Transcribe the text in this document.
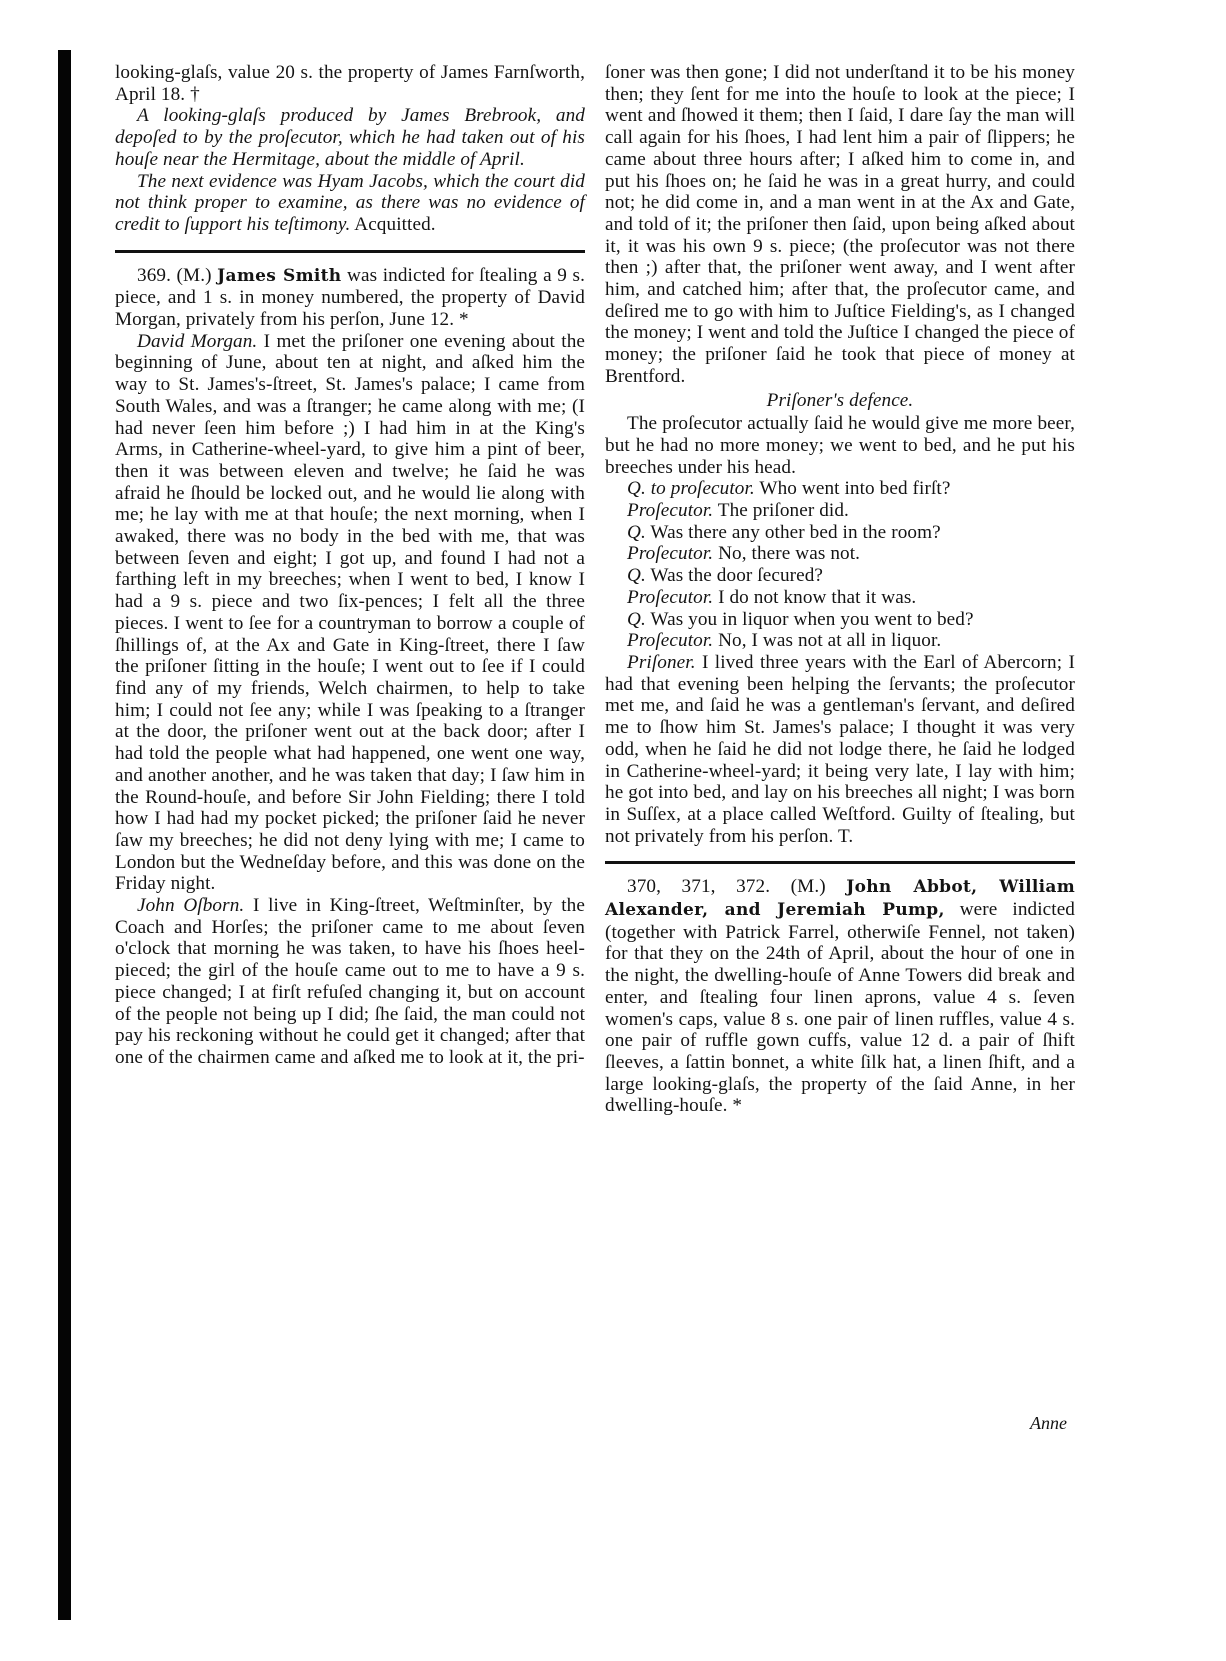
looking-glaſs, value 20 s. the property of James Farnſworth, April 18. †

A looking-glaſs produced by James Brebrook, and depoſed to by the proſecutor, which he had taken out of his houſe near the Hermitage, about the middle of April.

The next evidence was Hyam Jacobs, which the court did not think proper to examine, as there was no evidence of credit to ſupport his teſtimony. Acquitted.

369. (M.) James Smith was indicted for ſtealing a 9 s. piece, and 1 s. in money numbered, the property of David Morgan, privately from his perſon, June 12. *

David Morgan. I met the priſoner one evening about the beginning of June, about ten at night, and aſked him the way to St. James's-ſtreet, St. James's palace; I came from South Wales, and was a ſtranger; he came along with me; (I had never ſeen him before ;) I had him in at the King's Arms, in Catherine-wheel-yard, to give him a pint of beer, then it was between eleven and twelve; he ſaid he was afraid he ſhould be locked out, and he would lie along with me; he lay with me at that houſe; the next morning, when I awaked, there was no body in the bed with me, that was between ſeven and eight; I got up, and found I had not a farthing left in my breeches; when I went to bed, I know I had a 9 s. piece and two ſix-pences; I felt all the three pieces. I went to ſee for a countryman to borrow a couple of ſhillings of, at the Ax and Gate in King-ſtreet, there I ſaw the priſoner ſitting in the houſe; I went out to ſee if I could find any of my friends, Welch chairmen, to help to take him; I could not ſee any; while I was ſpeaking to a ſtranger at the door, the priſoner went out at the back door; after I had told the people what had happened, one went one way, and another another, and he was taken that day; I ſaw him in the Round-houſe, and before Sir John Fielding; there I told how I had had my pocket picked; the priſoner ſaid he never ſaw my breeches; he did not deny lying with me; I came to London but the Wedneſday before, and this was done on the Friday night.

John Oſborn. I live in King-ſtreet, Weſtminſter, by the Coach and Horſes; the priſoner came to me about ſeven o'clock that morning he was taken, to have his ſhoes heel-pieced; the girl of the houſe came out to me to have a 9 s. piece changed; I at firſt refuſed changing it, but on account of the people not being up I did; ſhe ſaid, the man could not pay his reckoning without he could get it changed; after that one of the chairmen came and aſked me to look at it, the pri-

ſoner was then gone; I did not underſtand it to be his money then; they ſent for me into the houſe to look at the piece; I went and ſhowed it them; then I ſaid, I dare ſay the man will call again for his ſhoes, I had lent him a pair of ſlippers; he came about three hours after; I aſked him to come in, and put his ſhoes on; he ſaid he was in a great hurry, and could not; he did come in, and a man went in at the Ax and Gate, and told of it; the priſoner then ſaid, upon being aſked about it, it was his own 9 s. piece; (the proſecutor was not there then ;) after that, the priſoner went away, and I went after him, and catched him; after that, the proſecutor came, and deſired me to go with him to Juſtice Fielding's, as I changed the money; I went and told the Juſtice I changed the piece of money; the priſoner ſaid he took that piece of money at Brentford.

Priſoner's defence.

The proſecutor actually ſaid he would give me more beer, but he had no more money; we went to bed, and he put his breeches under his head.

Q. to proſecutor. Who went into bed firſt?

Proſecutor. The priſoner did.

Q. Was there any other bed in the room?

Proſecutor. No, there was not.

Q. Was the door ſecured?

Proſecutor. I do not know that it was.

Q. Was you in liquor when you went to bed?

Proſecutor. No, I was not at all in liquor.

Priſoner. I lived three years with the Earl of Abercorn; I had that evening been helping the ſervants; the proſecutor met me, and ſaid he was a gentleman's ſervant, and deſired me to ſhow him St. James's palace; I thought it was very odd, when he ſaid he did not lodge there, he ſaid he lodged in Catherine-wheel-yard; it being very late, I lay with him; he got into bed, and lay on his breeches all night; I was born in Suſſex, at a place called Weſtford. Guilty of ſtealing, but not privately from his perſon. T.

370, 371, 372. (M.) John Abbot, William Alexander, and Jeremiah Pump, were indicted (together with Patrick Farrel, otherwiſe Fennel, not taken) for that they on the 24th of April, about the hour of one in the night, the dwelling-houſe of Anne Towers did break and enter, and ſtealing four linen aprons, value 4 s. ſeven women's caps, value 8 s. one pair of linen ruffles, value 4 s. one pair of ruffle gown cuffs, value 12 d. a pair of ſhift ſleeves, a ſattin bonnet, a white ſilk hat, a linen ſhift, and a large looking-glaſs, the property of the ſaid Anne, in her dwelling-houſe. *

Anne
